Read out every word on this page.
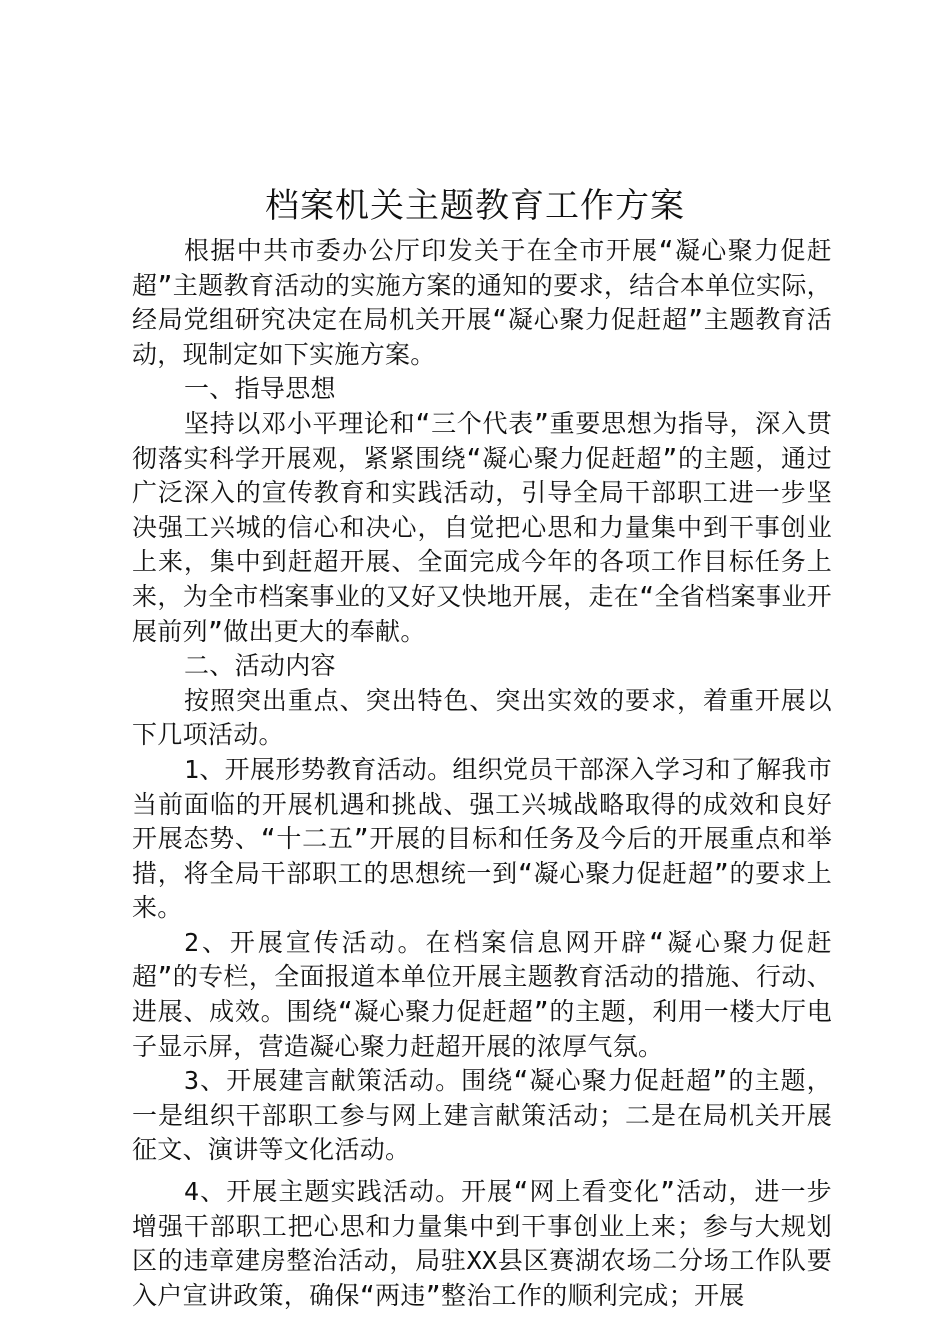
档案机关主题教育工作方案

根据中共市委办公厅印发关于在全市开展“凝心聚力促赶超”主题教育活动的实施方案的通知的要求，结合本单位实际，经局党组研究决定在局机关开展“凝心聚力促赶超”主题教育活动，现制定如下实施方案。

一、指导思想

坚持以邓小平理论和“三个代表”重要思想为指导，深入贯彻落实科学开展观，紧紧围绕“凝心聚力促赶超”的主题，通过广泛深入的宣传教育和实践活动，引导全局干部职工进一步坚决强工兴城的信心和决心，自觉把心思和力量集中到干事创业上来，集中到赶超开展、全面完成今年的各项工作目标任务上来，为全市档案事业的又好又快地开展，走在“全省档案事业开展前列”做出更大的奉献。

二、活动内容

按照突出重点、突出特色、突出实效的要求，着重开展以下几项活动。

1、开展形势教育活动。组织党员干部深入学习和了解我市当前面临的开展机遇和挑战、强工兴城战略取得的成效和良好开展态势、“十二五”开展的目标和任务及今后的开展重点和举措，将全局干部职工的思想统一到“凝心聚力促赶超”的要求上来。

2、开展宣传活动。在档案信息网开辟“凝心聚力促赶超”的专栏，全面报道本单位开展主题教育活动的措施、行动、进展、成效。围绕“凝心聚力促赶超”的主题，利用一楼大厅电子显示屏，营造凝心聚力赶超开展的浓厚气氛。

3、开展建言献策活动。围绕“凝心聚力促赶超”的主题，一是组织干部职工参与网上建言献策活动；二是在局机关开展征文、演讲等文化活动。

4、开展主题实践活动。开展“网上看变化”活动，进一步增强干部职工把心思和力量集中到干事创业上来；参与大规划区的违章建房整治活动，局驻XX县区赛湖农场二分场工作队要入户宣讲政策，确保“两违”整治工作的顺利完成；开展
